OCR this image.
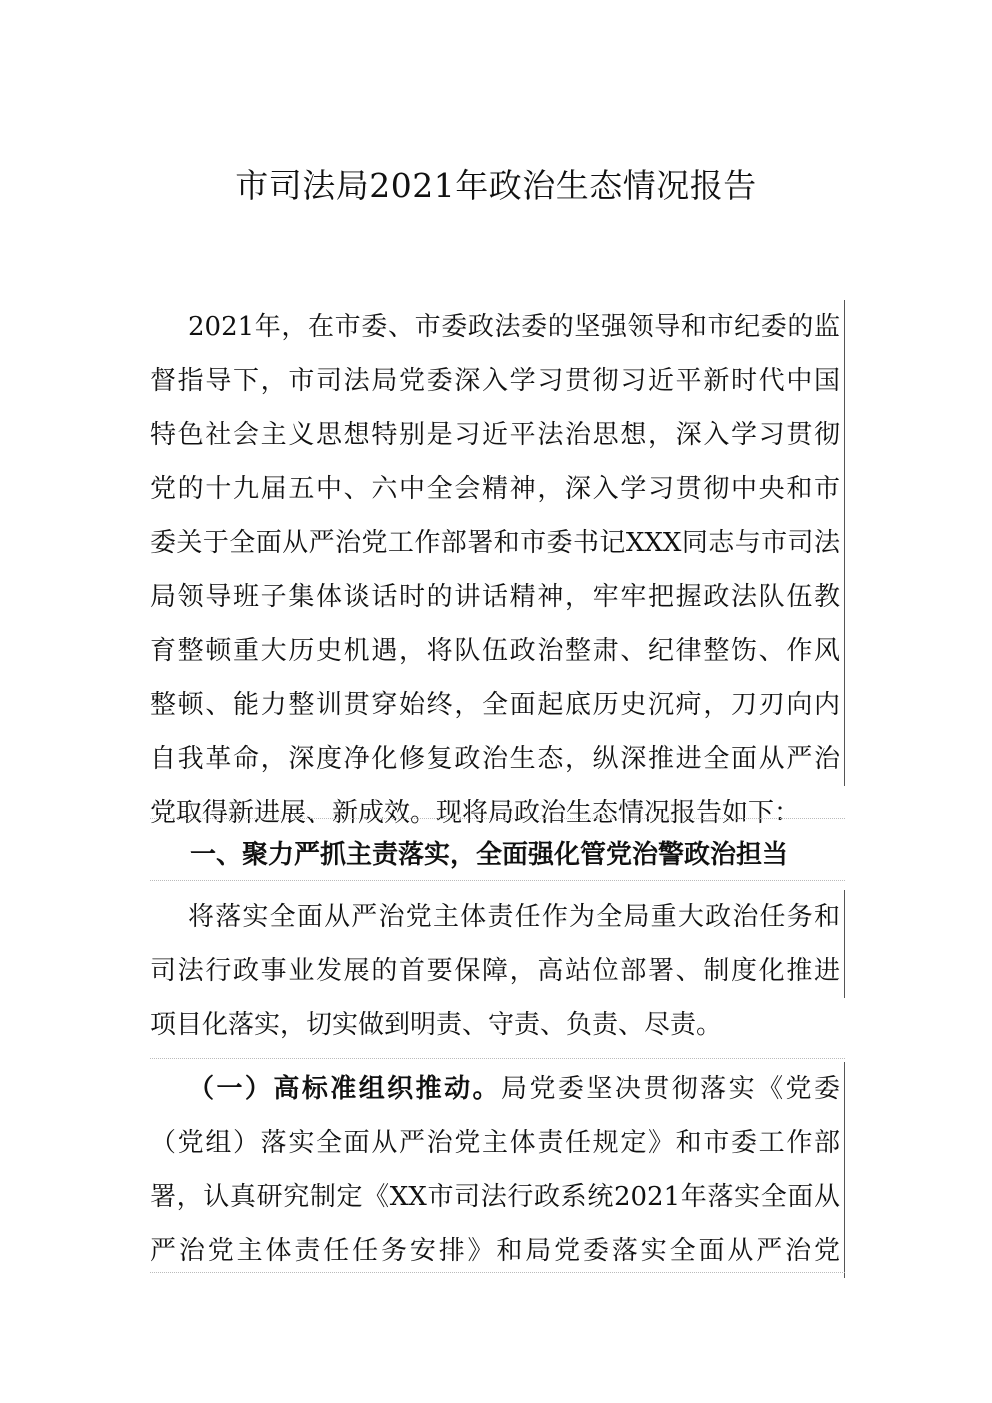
市司法局2021年政治生态情况报告
2021年，在市委、市委政法委的坚强领导和市纪委的监
督指导下，市司法局党委深入学习贯彻习近平新时代中国
特色社会主义思想特别是习近平法治思想，深入学习贯彻
党的十九届五中、六中全会精神，深入学习贯彻中央和市
委关于全面从严治党工作部署和市委书记XXX同志与市司法
局领导班子集体谈话时的讲话精神，牢牢把握政法队伍教
育整顿重大历史机遇，将队伍政治整肃、纪律整饬、作风
整顿、能力整训贯穿始终，全面起底历史沉疴，刀刃向内
自我革命，深度净化修复政治生态，纵深推进全面从严治
党取得新进展、新成效。现将局政治生态情况报告如下：
一、聚力严抓主责落实，全面强化管党治警政治担当
将落实全面从严治党主体责任作为全局重大政治任务和
司法行政事业发展的首要保障，高站位部署、制度化推进
项目化落实，切实做到明责、守责、负责、尽责。
（一）高标准组织推动。局党委坚决贯彻落实《党委
（党组）落实全面从严治党主体责任规定》和市委工作部
署，认真研究制定《XX市司法行政系统2021年落实全面从
严治党主体责任任务安排》和局党委落实全面从严治党
